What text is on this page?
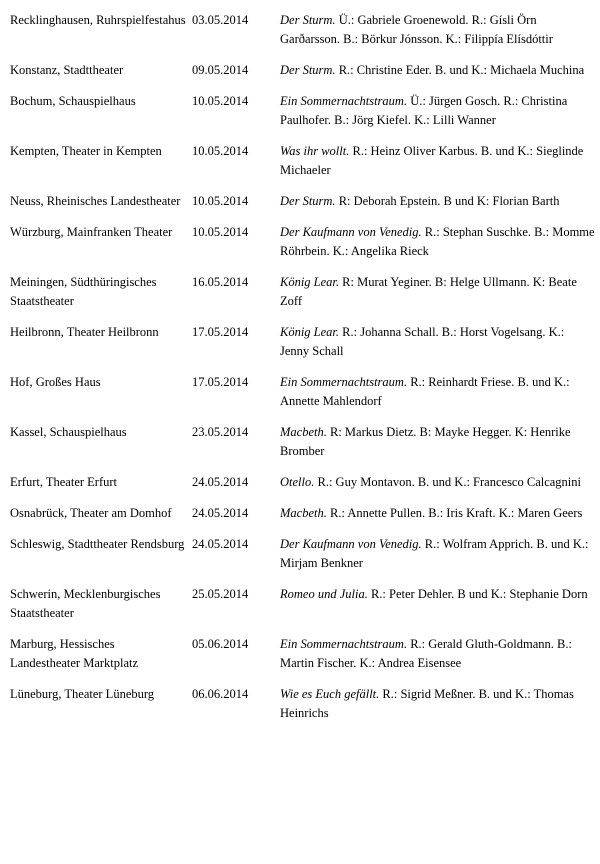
Recklinghausen, Ruhrspielfestahus	03.05.2014	Der Sturm. Ü.: Gabriele Groenewold. R.: Gísli Örn Garðarsson. B.: Börkur Jónsson. K.: Filippía Elísdóttir
Konstanz, Stadttheater	09.05.2014	Der Sturm. R.: Christine Eder. B. und K.: Michaela Muchina
Bochum, Schauspielhaus	10.05.2014	Ein Sommernachtstraum. Ü.: Jürgen Gosch. R.: Christina Paulhofer. B.: Jörg Kiefel. K.: Lilli Wanner
Kempten, Theater in Kempten	10.05.2014	Was ihr wollt. R.: Heinz Oliver Karbus. B. und K.: Sieglinde Michaeler
Neuss, Rheinisches Landestheater	10.05.2014	Der Sturm. R: Deborah Epstein. B und K: Florian Barth
Würzburg, Mainfranken Theater	10.05.2014	Der Kaufmann von Venedig. R.: Stephan Suschke. B.: Momme Röhrbein. K.: Angelika Rieck
Meiningen, Südthüringisches Staatstheater	16.05.2014	König Lear. R: Murat Yeginer. B: Helge Ullmann. K: Beate Zoff
Heilbronn, Theater Heilbronn	17.05.2014	König Lear. R.: Johanna Schall. B.: Horst Vogelsang. K.: Jenny Schall
Hof, Großes Haus	17.05.2014	Ein Sommernachtstraum. R.: Reinhardt Friese. B. und K.: Annette Mahlendorf
Kassel, Schauspielhaus	23.05.2014	Macbeth. R: Markus Dietz. B: Mayke Hegger. K: Henrike Bromber
Erfurt, Theater Erfurt	24.05.2014	Otello. R.: Guy Montavon. B. und K.: Francesco Calcagnini
Osnabrück, Theater am Domhof	24.05.2014	Macbeth. R.: Annette Pullen. B.: Iris Kraft. K.: Maren Geers
Schleswig, Stadttheater Rendsburg	24.05.2014	Der Kaufmann von Venedig. R.: Wolfram Apprich. B. und K.: Mirjam Benkner
Schwerin, Mecklenburgisches Staatstheater	25.05.2014	Romeo und Julia. R.: Peter Dehler. B und K.: Stephanie Dorn
Marburg, Hessisches Landestheater Marktplatz	05.06.2014	Ein Sommernachtstraum. R.: Gerald Gluth-Goldmann. B.: Martin Fischer. K.: Andrea Eisensee
Lüneburg, Theater Lüneburg	06.06.2014	Wie es Euch gefällt. R.: Sigrid Meßner. B. und K.: Thomas Heinrichs
